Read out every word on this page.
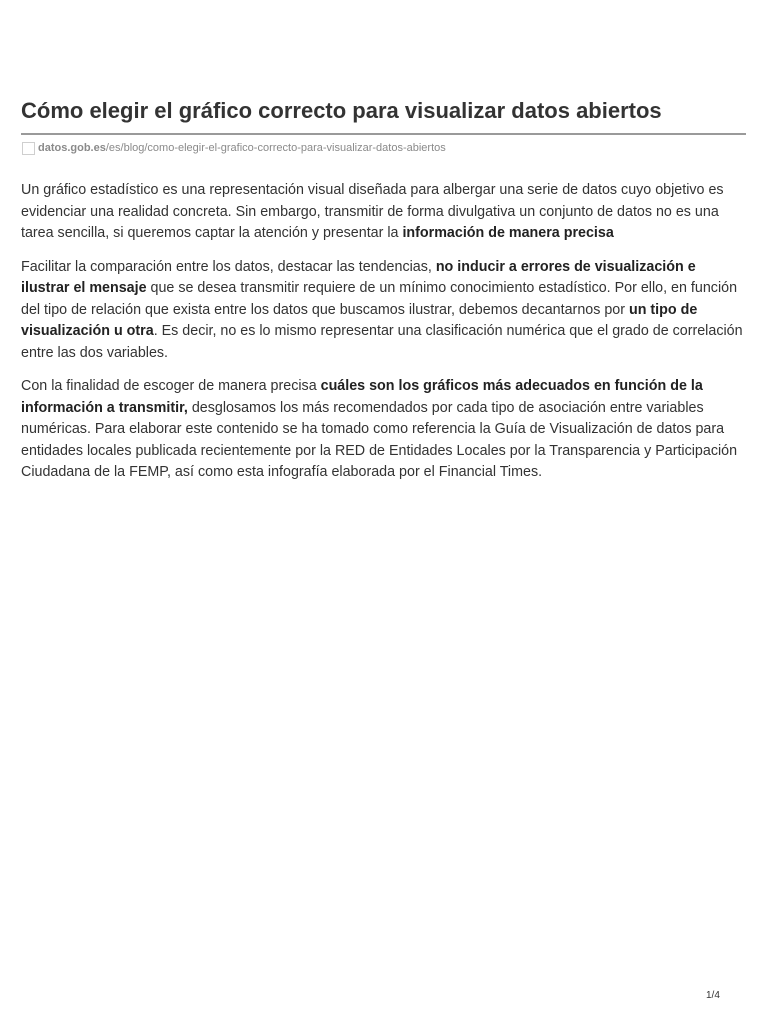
Cómo elegir el gráfico correcto para visualizar datos abiertos
datos.gob.es /es/blog/como-elegir-el-grafico-correcto-para-visualizar-datos-abiertos

Un gráfico estadístico es una representación visual diseñada para albergar una serie de datos cuyo objetivo es evidenciar una realidad concreta. Sin embargo, transmitir de forma divulgativa un conjunto de datos no es una tarea sencilla, si queremos captar la atención y presentar la información de manera precisa

Facilitar la comparación entre los datos, destacar las tendencias, no inducir a errores de visualización e ilustrar el mensaje que se desea transmitir requiere de un mínimo conocimiento estadístico. Por ello, en función del tipo de relación que exista entre los datos que buscamos ilustrar, debemos decantarnos por un tipo de visualización u otra. Es decir, no es lo mismo representar una clasificación numérica que el grado de correlación entre las dos variables.

Con la finalidad de escoger de manera precisa cuáles son los gráficos más adecuados en función de la información a transmitir, desglosamos los más recomendados por cada tipo de asociación entre variables numéricas. Para elaborar este contenido se ha tomado como referencia la Guía de Visualización de datos para entidades locales publicada recientemente por la RED de Entidades Locales por la Transparencia y Participación Ciudadana de la FEMP, así como esta infografía elaborada por el Financial Times.

1/4
